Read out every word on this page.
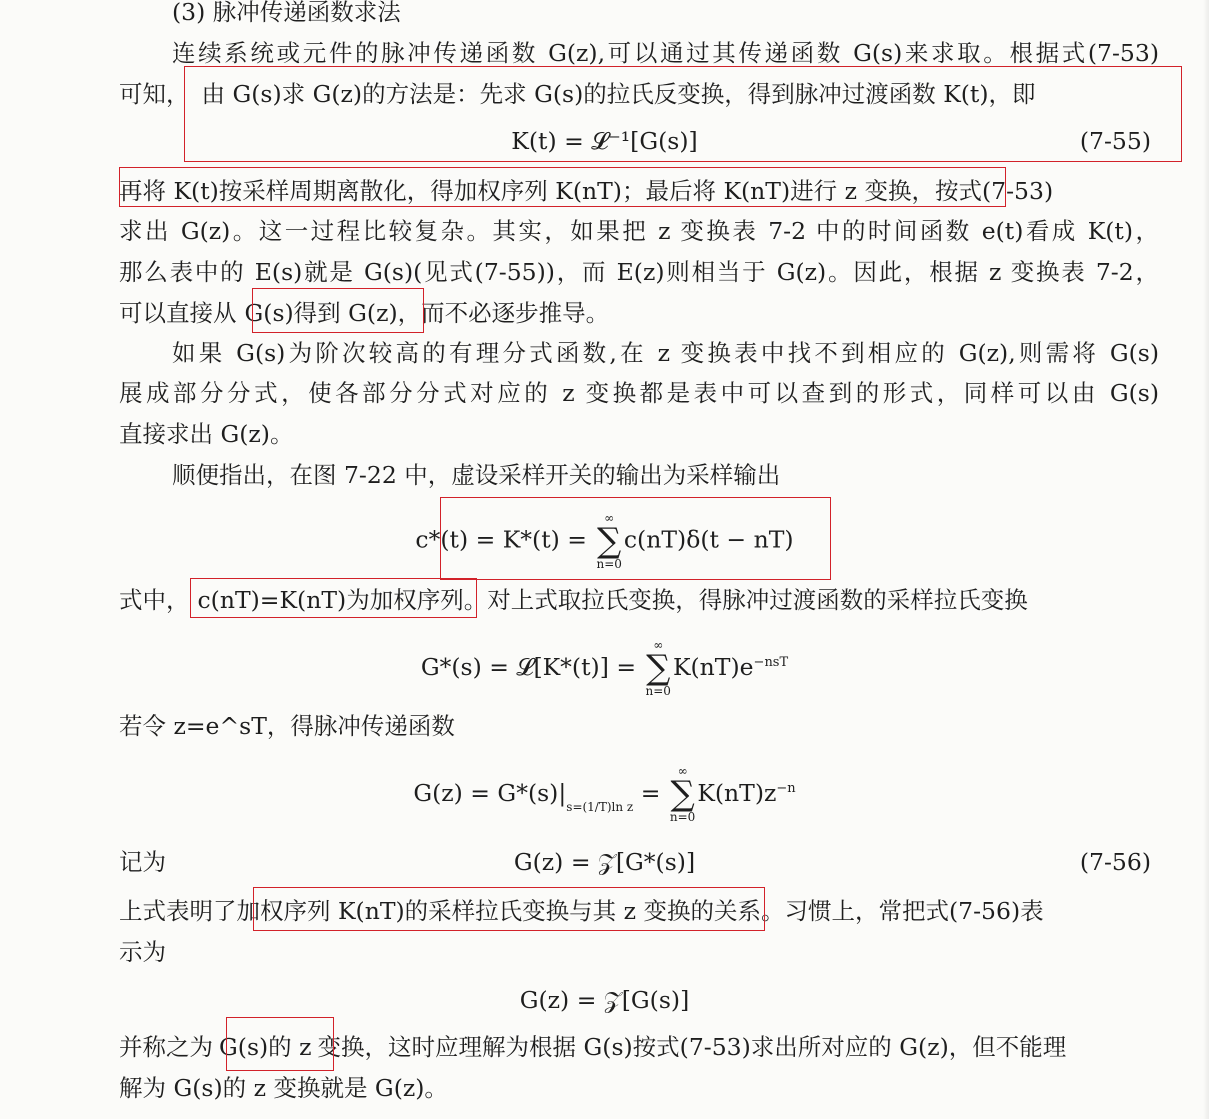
(3) 脉冲传递函数求法

连续系统或元件的脉冲传递函数 G(z),可以通过其传递函数 G(s)来求取。根据式(7-53)

可知， 由 G(s)求 G(z)的方法是：先求 G(s)的拉氏反变换，得到脉冲过渡函数 K(t)，即

K(t) = 𝓛⁻¹[G(s)]	(7-55)

再将 K(t)按采样周期离散化，得加权序列 K(nT)；最后将 K(nT)进行 z 变换，按式(7-53)

求出 G(z)。这一过程比较复杂。其实，如果把 z 变换表 7-2 中的时间函数 e(t)看成 K(t)，

那么表中的 E(s)就是 G(s)(见式(7-55))，而 E(z)则相当于 G(z)。因此，根据 z 变换表 7-2，

可以直接从 G(s)得到 G(z)，而不必逐步推导。

如果 G(s)为阶次较高的有理分式函数,在 z 变换表中找不到相应的 G(z),则需将 G(s)

展成部分分式，使各部分分式对应的 z 变换都是表中可以查到的形式，同样可以由 G(s)

直接求出 G(z)。

顺便指出，在图 7-22 中，虚设采样开关的输出为采样输出

c*(t) = K*(t) =
∞
∑
n=0
c(nT)δ(t − nT)

式中， c(nT)=K(nT)为加权序列。对上式取拉氏变换，得脉冲过渡函数的采样拉氏变换

G*(s) = 𝓛[K*(t)] =
∞
∑
n=0
$K(nT)e^{-nsT}$

若令 z=e^sT，得脉冲传递函数

$G(z) = G*(s)|_{s=(1/T)ln z}$ =
∞
∑
n=0
$K(nT)z^{-n}$

记为	G(z) = 𝒵[G*(s)]	(7-56)

上式表明了加权序列 K(nT)的采样拉氏变换与其 z 变换的关系。习惯上，常把式(7-56)表

示为

G(z) = 𝒵[G(s)]

并称之为 G(s)的 z 变换，这时应理解为根据 G(s)按式(7-53)求出所对应的 G(z)，但不能理

解为 G(s)的 z 变换就是 G(z)。
